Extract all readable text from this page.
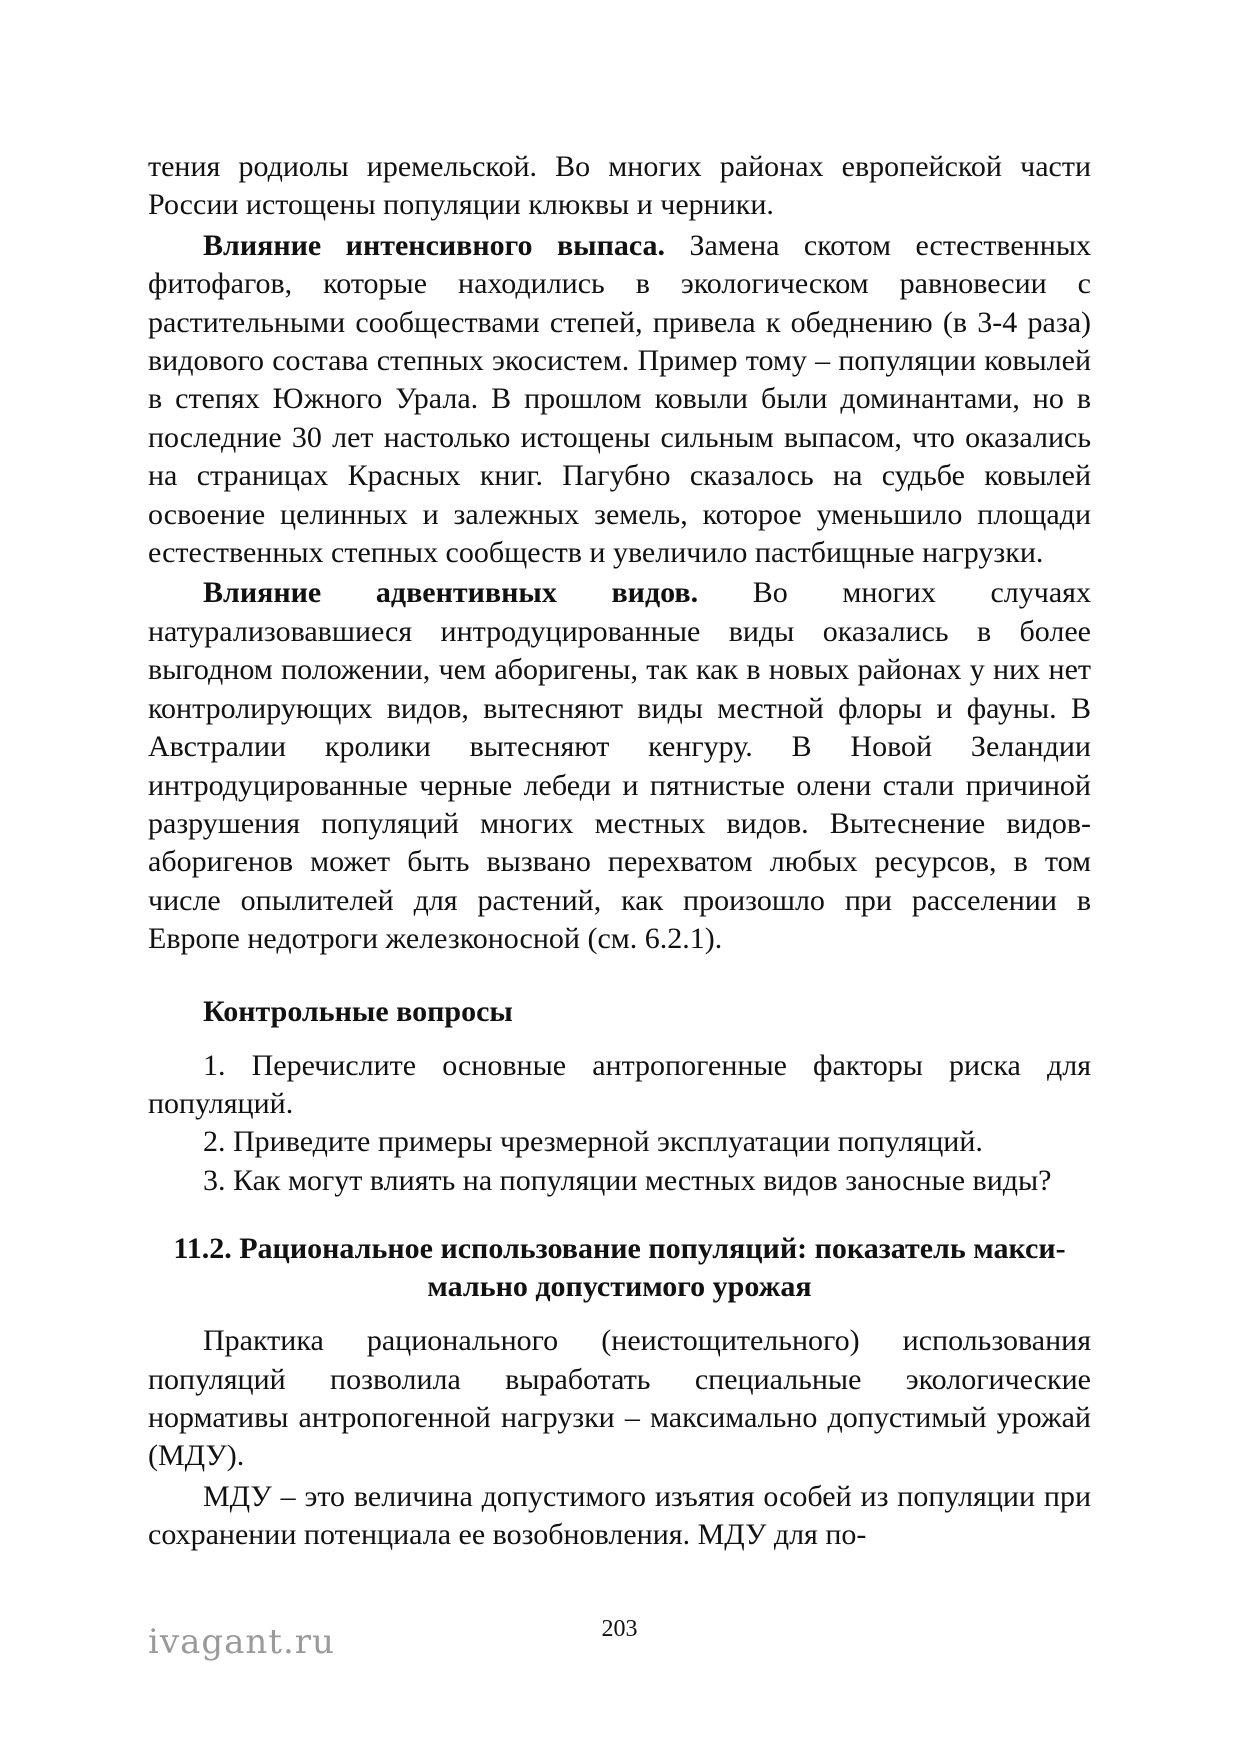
тения родиолы иремельской. Во многих районах европейской части России истощены популяции клюквы и черники.

Влияние интенсивного выпаса. Замена скотом естественных фитофагов, которые находились в экологическом равновесии с растительными сообществами степей, привела к обеднению (в 3-4 раза) видового состава степных экосистем. Пример тому – популяции ковылей в степях Южного Урала. В прошлом ковыли были доминантами, но в последние 30 лет настолько истощены сильным выпасом, что оказались на страницах Красных книг. Пагубно сказалось на судьбе ковылей освоение целинных и залежных земель, которое уменьшило площади естественных степных сообществ и увеличило пастбищные нагрузки.

Влияние адвентивных видов. Во многих случаях натурализовавшиеся интродуцированные виды оказались в более выгодном положении, чем аборигены, так как в новых районах у них нет контролирующих видов, вытесняют виды местной флоры и фауны. В Австралии кролики вытесняют кенгуру. В Новой Зеландии интродуцированные черные лебеди и пятнистые олени стали причиной разрушения популяций многих местных видов. Вытеснение видов-аборигенов может быть вызвано перехватом любых ресурсов, в том числе опылителей для растений, как произошло при расселении в Европе недотроги железконосной (см. 6.2.1).

Контрольные вопросы

1. Перечислите основные антропогенные факторы риска для популяций.

2. Приведите примеры чрезмерной эксплуатации популяций.

3. Как могут влиять на популяции местных видов заносные виды?

11.2. Рациональное использование популяций: показатель макси-
мально допустимого урожая

Практика рационального (неистощительного) использования популяций позволила выработать специальные экологические нормативы антропогенной нагрузки – максимально допустимый урожай (МДУ).

МДУ – это величина допустимого изъятия особей из популяции при сохранении потенциала ее возобновления. МДУ для по-

203
ivagant.ru
